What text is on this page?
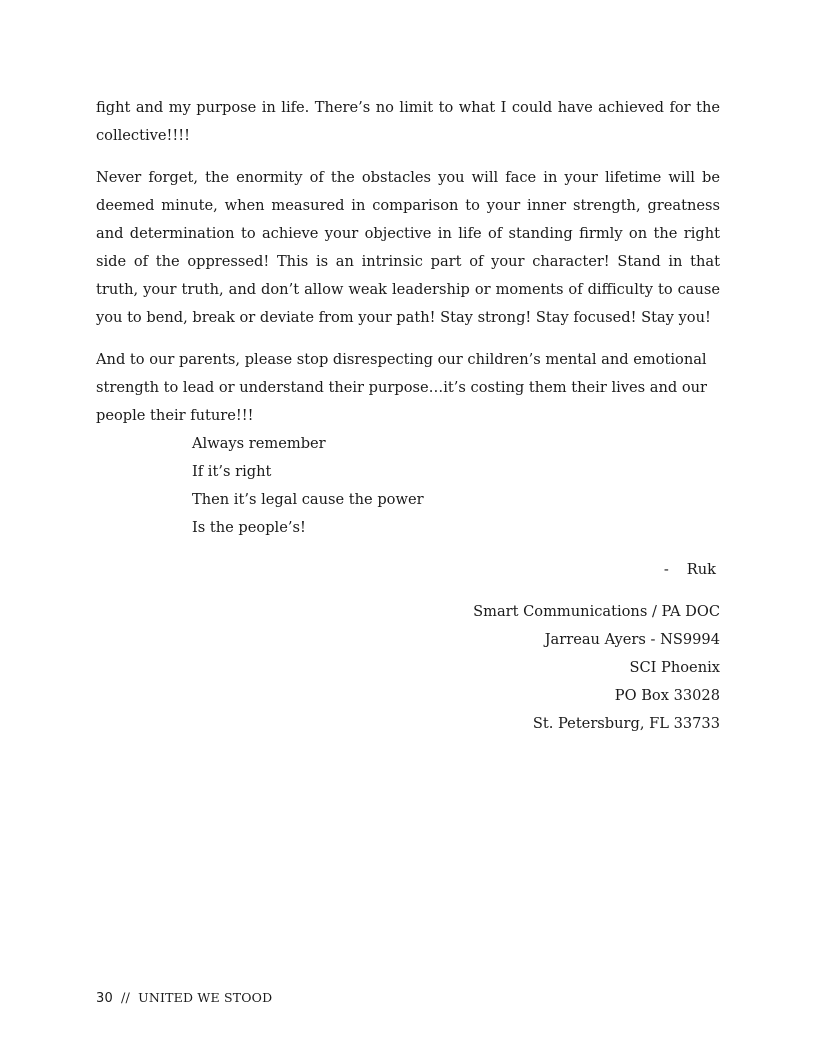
fight and my purpose in life. There’s no limit to what I could have achieved for the collective!!!!

Never forget, the enormity of the obstacles you will face in your lifetime will be deemed minute, when measured in comparison to your inner strength, greatness and determination to achieve your objective in life of standing firmly on the right side of the oppressed! This is an intrinsic part of your character! Stand in that truth, your truth, and don’t allow weak leadership or moments of difficulty to cause you to bend, break or deviate from your path! Stay strong! Stay focused! Stay you!

And to our parents, please stop disrespecting our children’s mental and emotional

strength to lead or understand their purpose…it’s costing them their lives and our

people their future!!!

Always remember

If it’s right

Then it’s legal cause the power

Is the people’s!

- Ruk

Smart Communications / PA DOC

Jarreau Ayers - NS9994

SCI Phoenix

PO Box 33028

St. Petersburg, FL 33733

30 // UNITED WE STOOD
